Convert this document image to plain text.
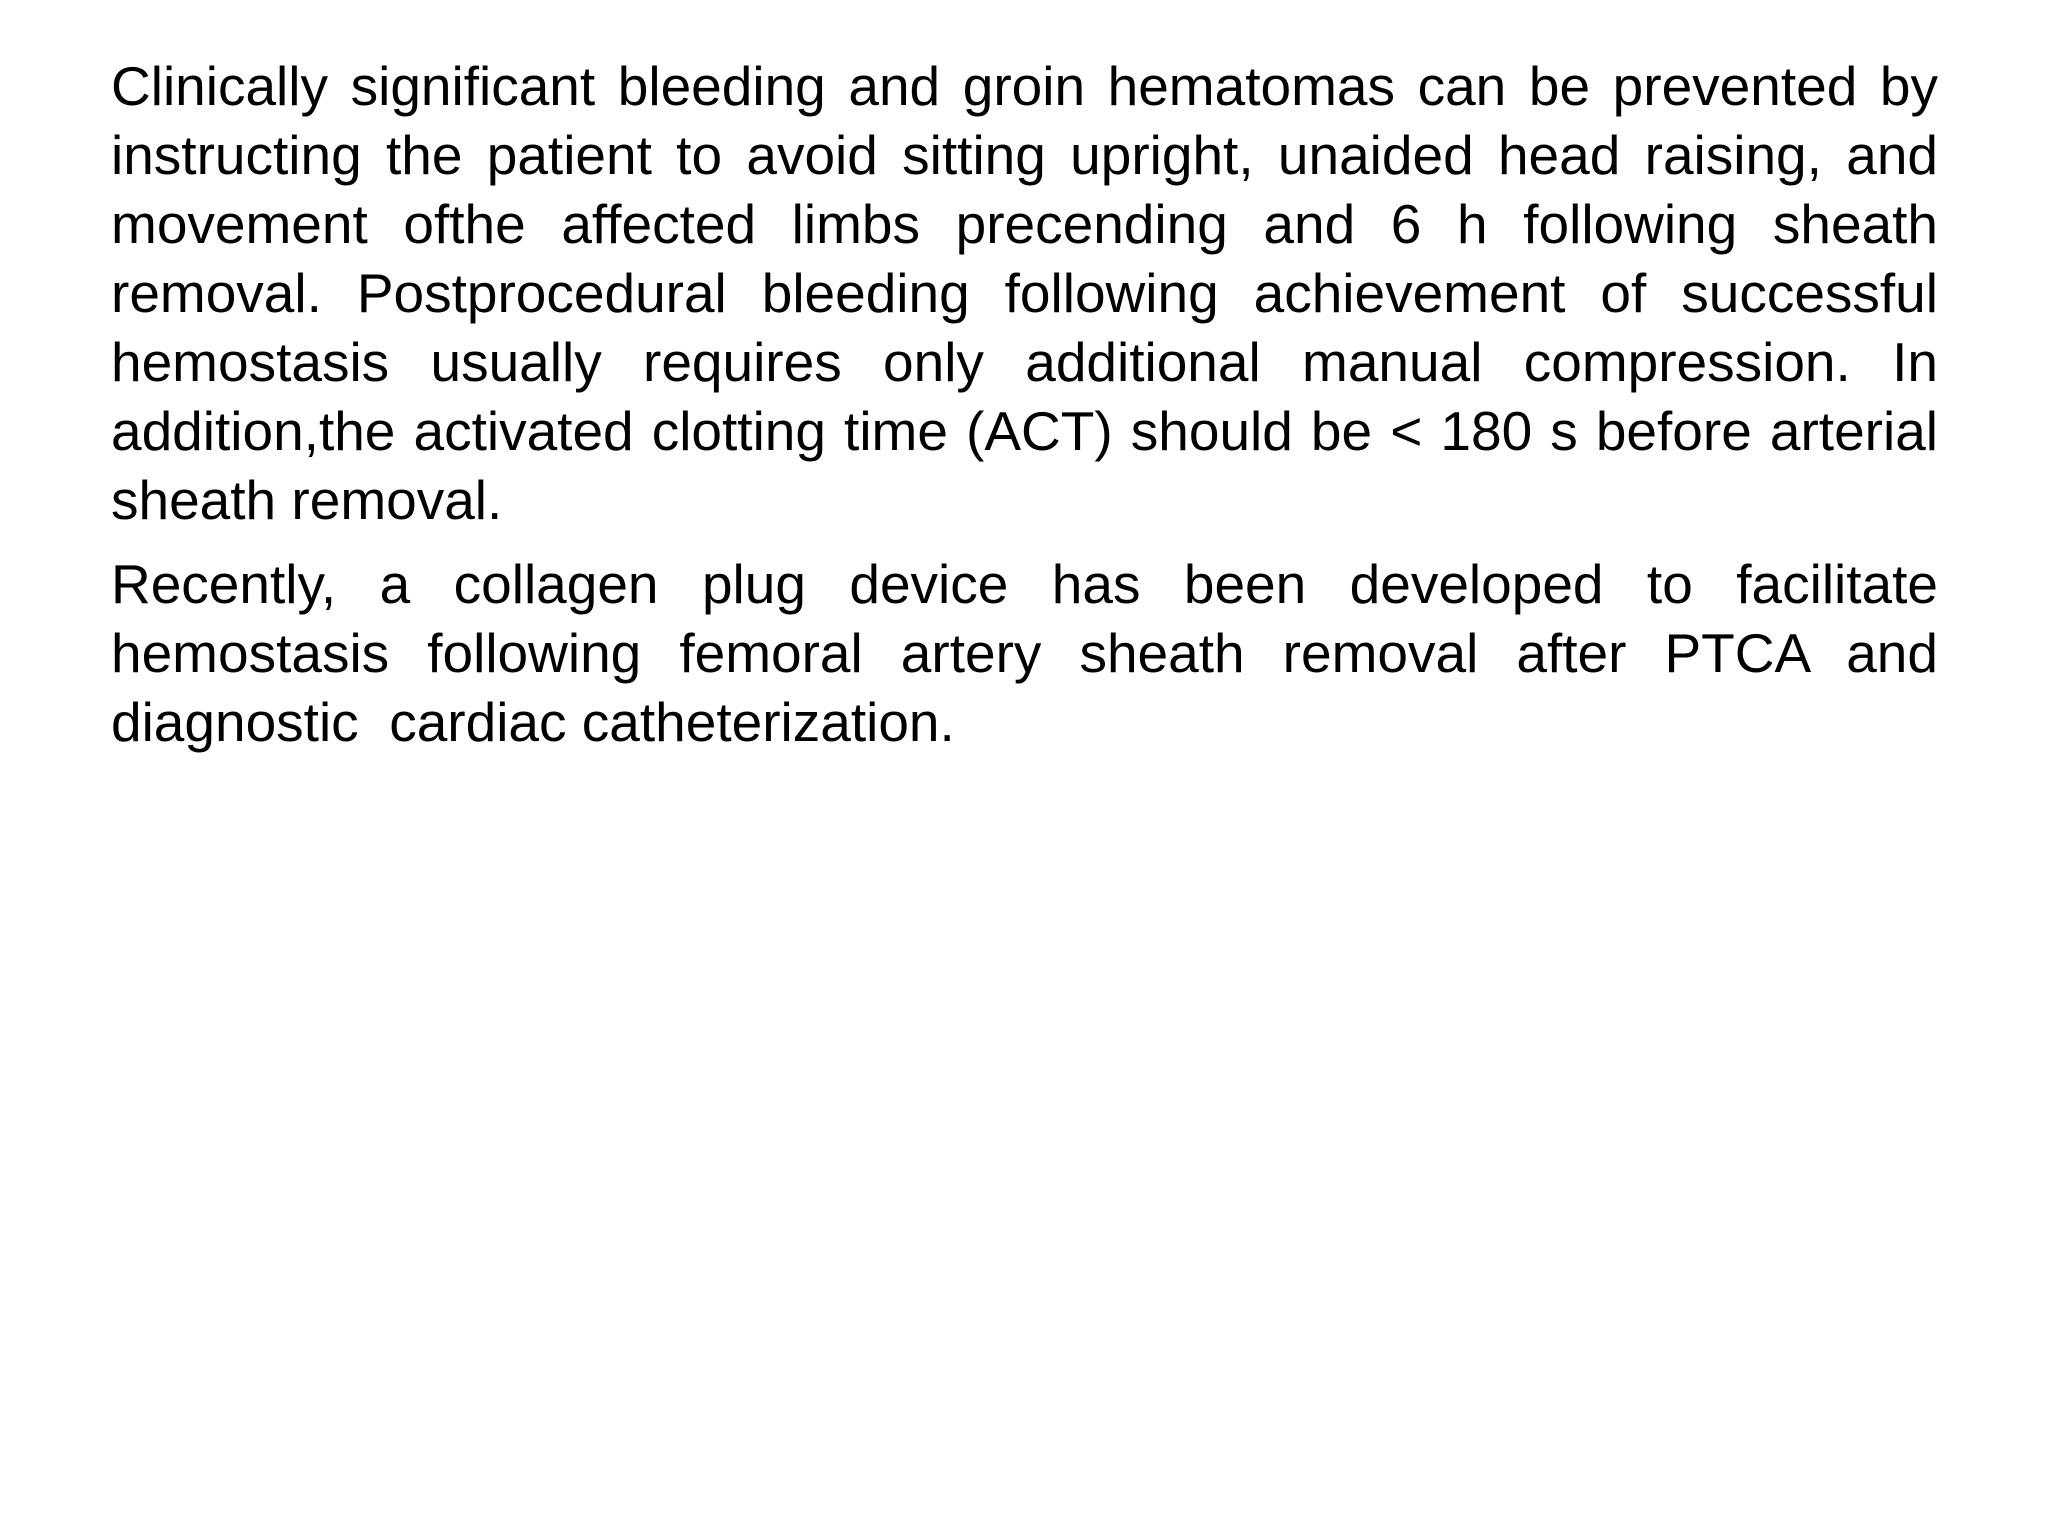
Clinically significant bleeding and groin hematomas can be prevented by instructing the patient to avoid sitting upright, unaided head raising, and movement ofthe affected limbs precending and 6 h following sheath removal. Postprocedural bleeding following achievement of successful hemostasis usually requires only additional manual compression. In addition,the activated clotting time (ACT) should be < 180 s before arterial sheath removal.

Recently, a collagen plug device has been developed to facilitate hemostasis following femoral artery sheath removal after PTCA and  diagnostic  cardiac catheterization.
